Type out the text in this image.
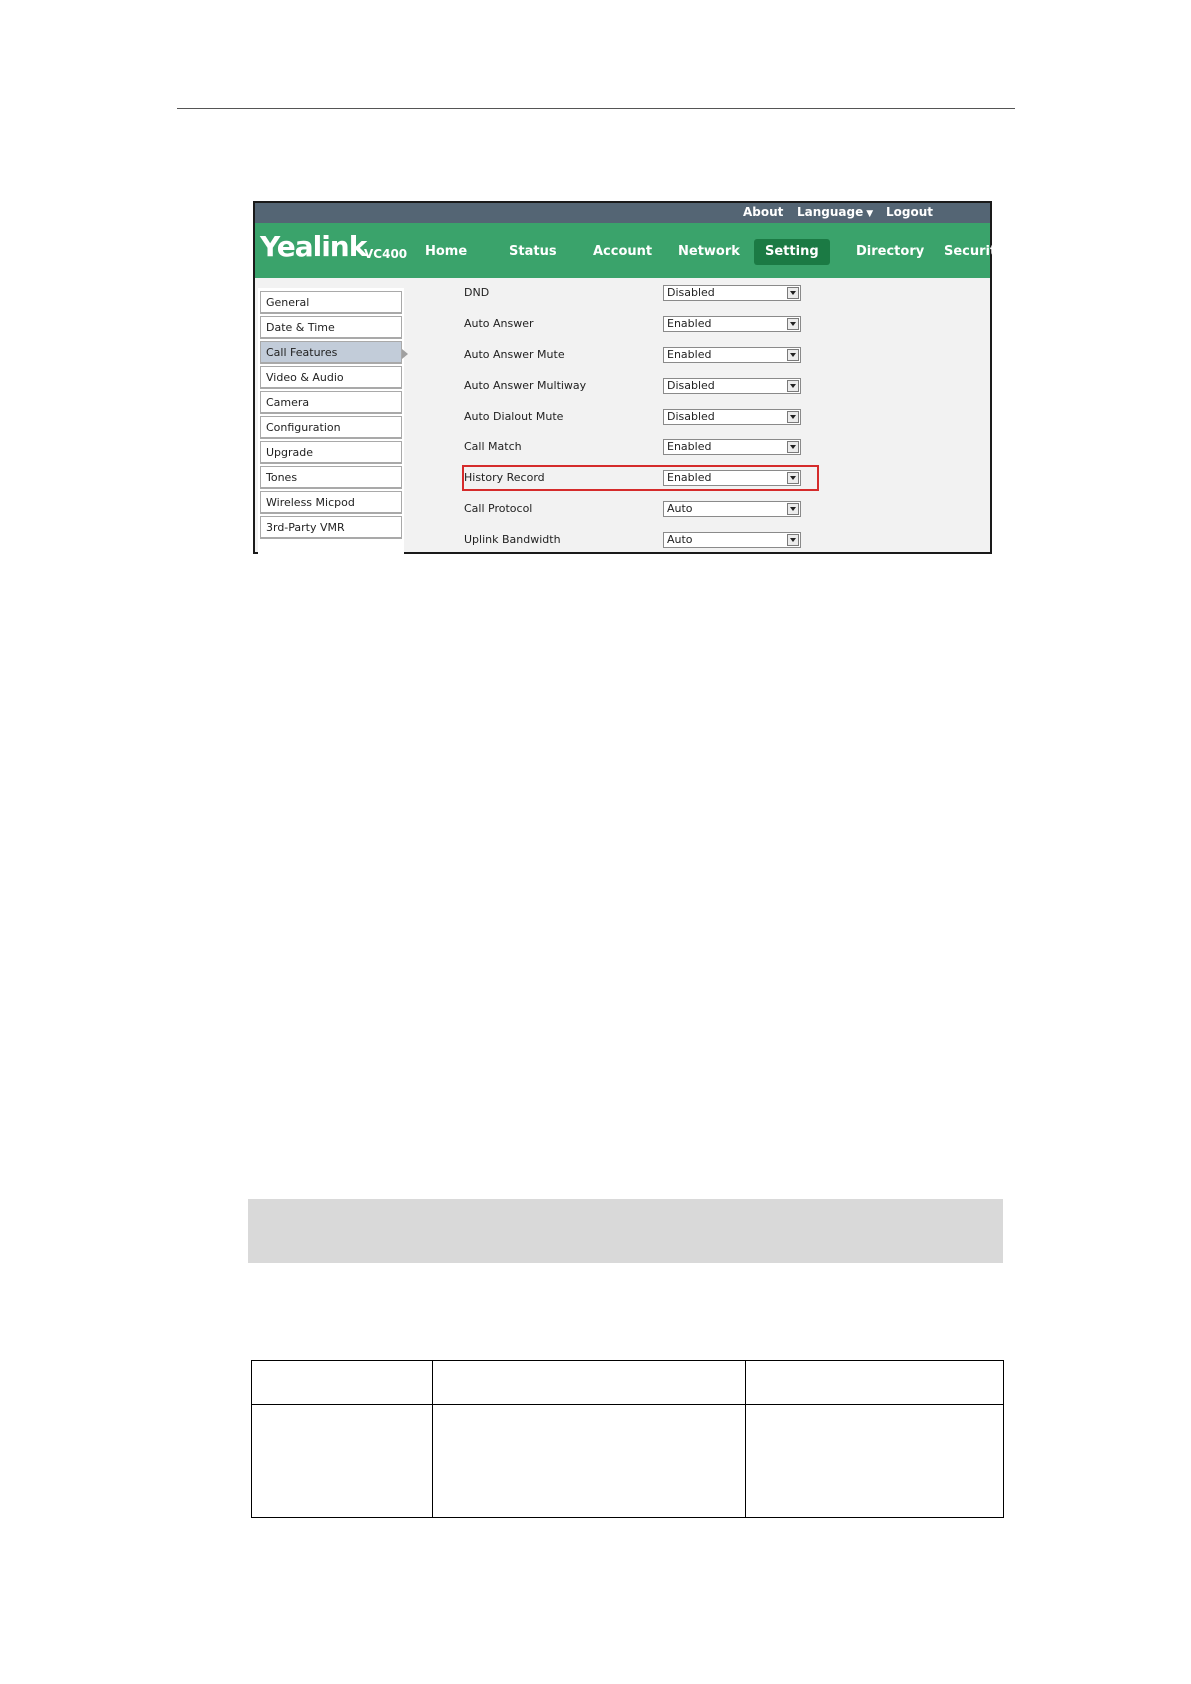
About Language ▼ Logout
Yealink
VC400	Home	Status	Account	Network	Setting	Directory	Security
General
Date & Time
Call Features
Video & Audio
Camera
Configuration
Upgrade
Tones
Wireless Micpod
3rd-Party VMR
DND	Disabled
Auto Answer	Enabled
Auto Answer Mute	Enabled
Auto Answer Multiway	Disabled
Auto Dialout Mute	Disabled
Call Match	Enabled
History Record	Enabled
Call Protocol	Auto
Uplink Bandwidth	Auto
